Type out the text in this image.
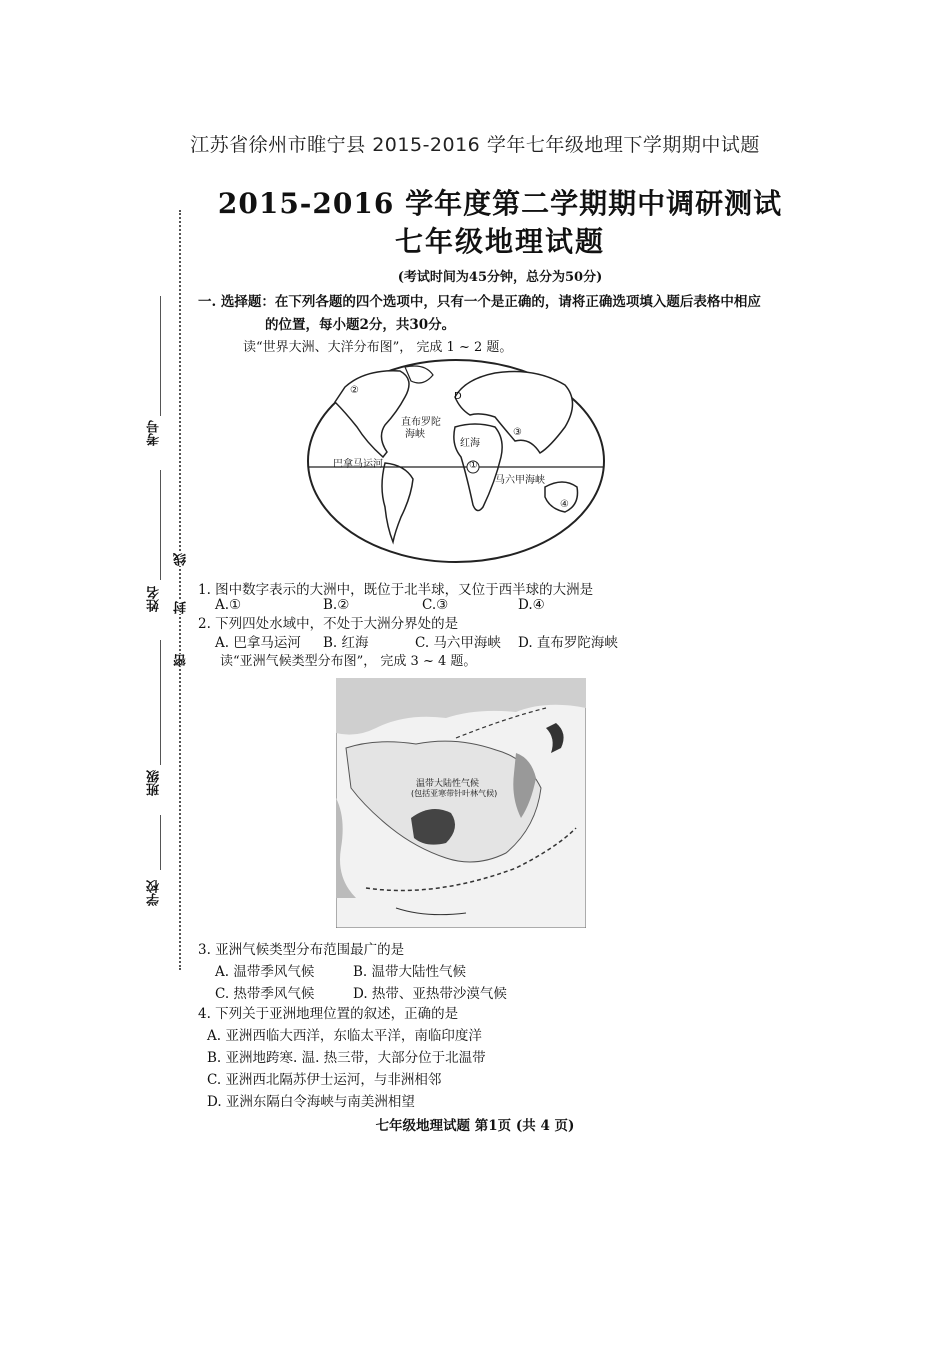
江苏省徐州市睢宁县 2015-2016 学年七年级地理下学期期中试题
2015-2016 学年度第二学期期中调研测试
七年级地理试题
(考试时间为45分钟，总分为50分)
一. 选择题：在下列各题的四个选项中，只有一个是正确的，请将正确选项填入题后表格中相应
的位置，每小题2分，共30分。
读“世界大洲、大洋分布图”， 完成 1 ~ 2 题。
考号
姓名
班级
学校
线
封
密
②
①
③
④
直布罗陀
海峡
红海
巴拿马运河
马六甲海峡
D
1. 图中数字表示的大洲中，既位于北半球，又位于西半球的大洲是
A.①	B.②	C.③	D.④
2. 下列四处水域中，不处于大洲分界处的是
A. 巴拿马运河 B. 红海	C. 马六甲海峡 D. 直布罗陀海峡
读“亚洲气候类型分布图”， 完成 3 ~ 4 题。
温带大陆性气候
(包括亚寒带针叶林气候)
3. 亚洲气候类型分布范围最广的是
A. 温带季风气候	B. 温带大陆性气候
C. 热带季风气候	D. 热带、亚热带沙漠气候
4. 下列关于亚洲地理位置的叙述，正确的是
A. 亚洲西临大西洋，东临太平洋，南临印度洋
B. 亚洲地跨寒. 温. 热三带，大部分位于北温带
C. 亚洲西北隔苏伊士运河，与非洲相邻
D. 亚洲东隔白令海峡与南美洲相望
七年级地理试题 第1页 (共 4 页)
